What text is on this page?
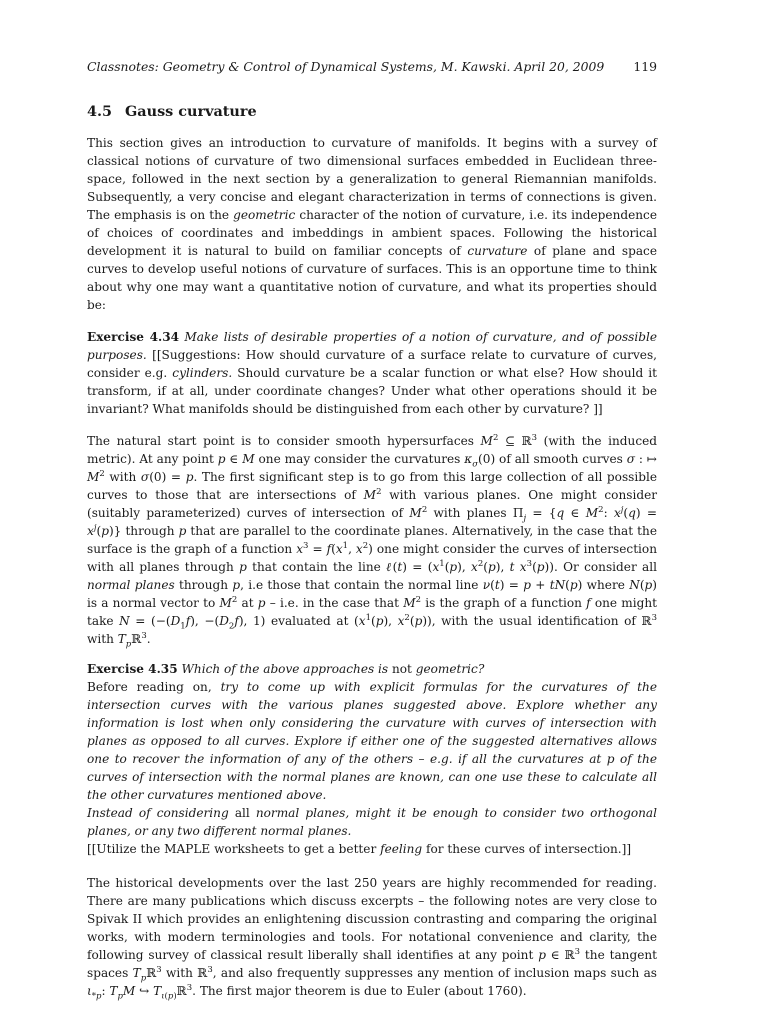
Classnotes: Geometry & Control of Dynamical Systems, M. Kawski. April 20, 2009 119
4.5 Gauss curvature

This section gives an introduction to curvature of manifolds. It begins with a survey of classical notions of curvature of two dimensional surfaces embedded in Euclidean three-space, followed in the next section by a generalization to general Riemannian manifolds. Subsequently, a very concise and elegant characterization in terms of connections is given. The emphasis is on the geometric character of the notion of curvature, i.e. its independence of choices of coordinates and imbeddings in ambient spaces. Following the historical development it is natural to build on familiar concepts of curvature of plane and space curves to develop useful notions of curvature of surfaces. This is an opportune time to think about why one may want a quantitative notion of curvature, and what its properties should be:

Exercise 4.34 Make lists of desirable properties of a notion of curvature, and of possible purposes. [[Suggestions: How should curvature of a surface relate to curvature of curves, consider e.g. cylinders. Should curvature be a scalar function or what else? How should it transform, if at all, under coordinate changes? Under what other operations should it be invariant? What manifolds should be distinguished from each other by curvature? ]]

The natural start point is to consider smooth hypersurfaces $M^2$ ⊆ ℝ$^3$ (with the induced metric). At any point p ∈ M one may consider the curvatures $\kappa_\sigma(0)$ of all smooth curves σ : ↦ $M^2$ with σ(0) = p. The first significant step is to go from this large collection of all possible curves to those that are intersections of $M^2$ with various planes. One might consider (suitably parameterized) curves of intersection of $M^2$ with planes $\Pi_j = \{q$ ∈ $M^2$: $x^j(q) = x^j(p)$} through p that are parallel to the coordinate planes. Alternatively, in the case that the surface is the graph of a function $x^3 = f(x^1$, $x^2$) one might consider the curves of intersection with all planes through p that contain the line ℓ(t) = ($x^1(p)$, $x^2(p)$, t $x^3(p)$). Or consider all normal planes through p, i.e those that contain the normal line ν(t) = p + tN(p) where N(p) is a normal vector to $M^2$ at p – i.e. in the case that $M^2$ is the graph of a function f one might take $N = (-(D_1f)$, $-(D_2f)$, 1) evaluated at ($x^1(p)$, $x^2(p)$), with the usual identification of ℝ$^3$ with $T_pℝ^3$.

Exercise 4.35 Which of the above approaches is not geometric?
Before reading on, try to come up with explicit formulas for the curvatures of the intersection curves with the various planes suggested above. Explore whether any information is lost when only considering the curvature with curves of intersection with planes as opposed to all curves. Explore if either one of the suggested alternatives allows one to recover the information of any of the others – e.g. if all the curvatures at p of the curves of intersection with the normal planes are known, can one use these to calculate all the other curvatures mentioned above.
Instead of considering all normal planes, might it be enough to consider two orthogonal planes, or any two different normal planes.
[[Utilize the MAPLE worksheets to get a better feeling for these curves of intersection.]]

The historical developments over the last 250 years are highly recommended for reading. There are many publications which discuss excerpts – the following notes are very close to Spivak II which provides an enlightening discussion contrasting and comparing the original works, with modern terminologies and tools. For notational convenience and clarity, the following survey of classical result liberally shall identifies at any point p ∈ ℝ$^3$ the tangent spaces $T_pℝ^3$ with ℝ$^3$, and also frequently suppresses any mention of inclusion maps such as $\iota_{*p}$: $T_pM$ ↪ $T_{\iota(p)}ℝ^3$. The first major theorem is due to Euler (about 1760).
